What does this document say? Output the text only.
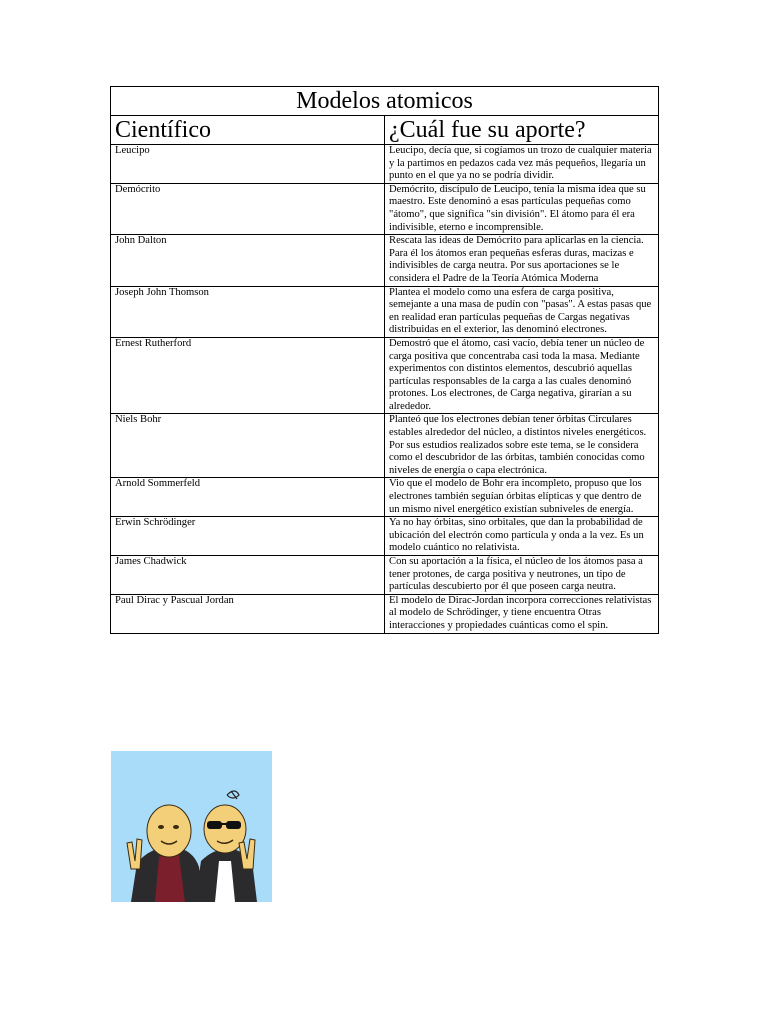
Modelos atomicos	
Científico	¿Cuál fue su aporte?
Leucipo	Leucipo, decía que, si cogíamos un trozo de cualquier materia y la partimos en pedazos cada vez más pequeños, llegaría un punto en el que ya no se podría dividir.
Demócrito	Demócrito, discípulo de Leucipo, tenía la misma idea que su maestro. Este denominó a esas partículas pequeñas como "átomo", que significa "sin división". El átomo para él era indivisible, eterno e incomprensible.
John Dalton	Rescata las ideas de Demócrito para aplicarlas en la ciencia. Para él los átomos eran pequeñas esferas duras, macizas e indivisibles de carga neutra. Por sus aportaciones se le considera el Padre de la Teoría Atómica Moderna
Joseph John Thomson	Plantea el modelo como una esfera de carga positiva, semejante a una masa de pudín con "pasas". A estas pasas que en realidad eran partículas pequeñas de Cargas negativas distribuidas en el exterior, las denominó electrones.
Ernest Rutherford	Demostró que el átomo, casi vacío, debía tener un núcleo de carga positiva que concentraba casi toda la masa. Mediante experimentos con distintos elementos, descubrió aquellas partículas responsables de la carga a las cuales denominó protones. Los electrones, de Carga negativa, girarían a su alrededor.
Niels Bohr	Planteó que los electrones debían tener órbitas Circulares estables alrededor del núcleo, a distintos niveles energéticos. Por sus estudios realizados sobre este tema, se le considera como el descubridor de las órbitas, también conocidas como niveles de energía o capa electrónica.
Arnold Sommerfeld	Vio que el modelo de Bohr era incompleto, propuso que los electrones también seguían órbitas elípticas y que dentro de un mismo nivel energético existían subniveles de energía.
Erwin Schrödinger	Ya no hay órbitas, sino orbitales, que dan la probabilidad de ubicación del electrón como partícula y onda a la vez. Es un modelo cuántico no relativista.
James Chadwick	Con su aportación a la física, el núcleo de los átomos pasa a tener protones, de carga positiva y neutrones, un tipo de partículas descubierto por él que poseen carga neutra.
Paul Dirac y Pascual Jordan	El modelo de Dirac-Jordan incorpora correcciones relativistas al modelo de Schrödinger, y tiene encuentra Otras interacciones y propiedades cuánticas como el spin.
